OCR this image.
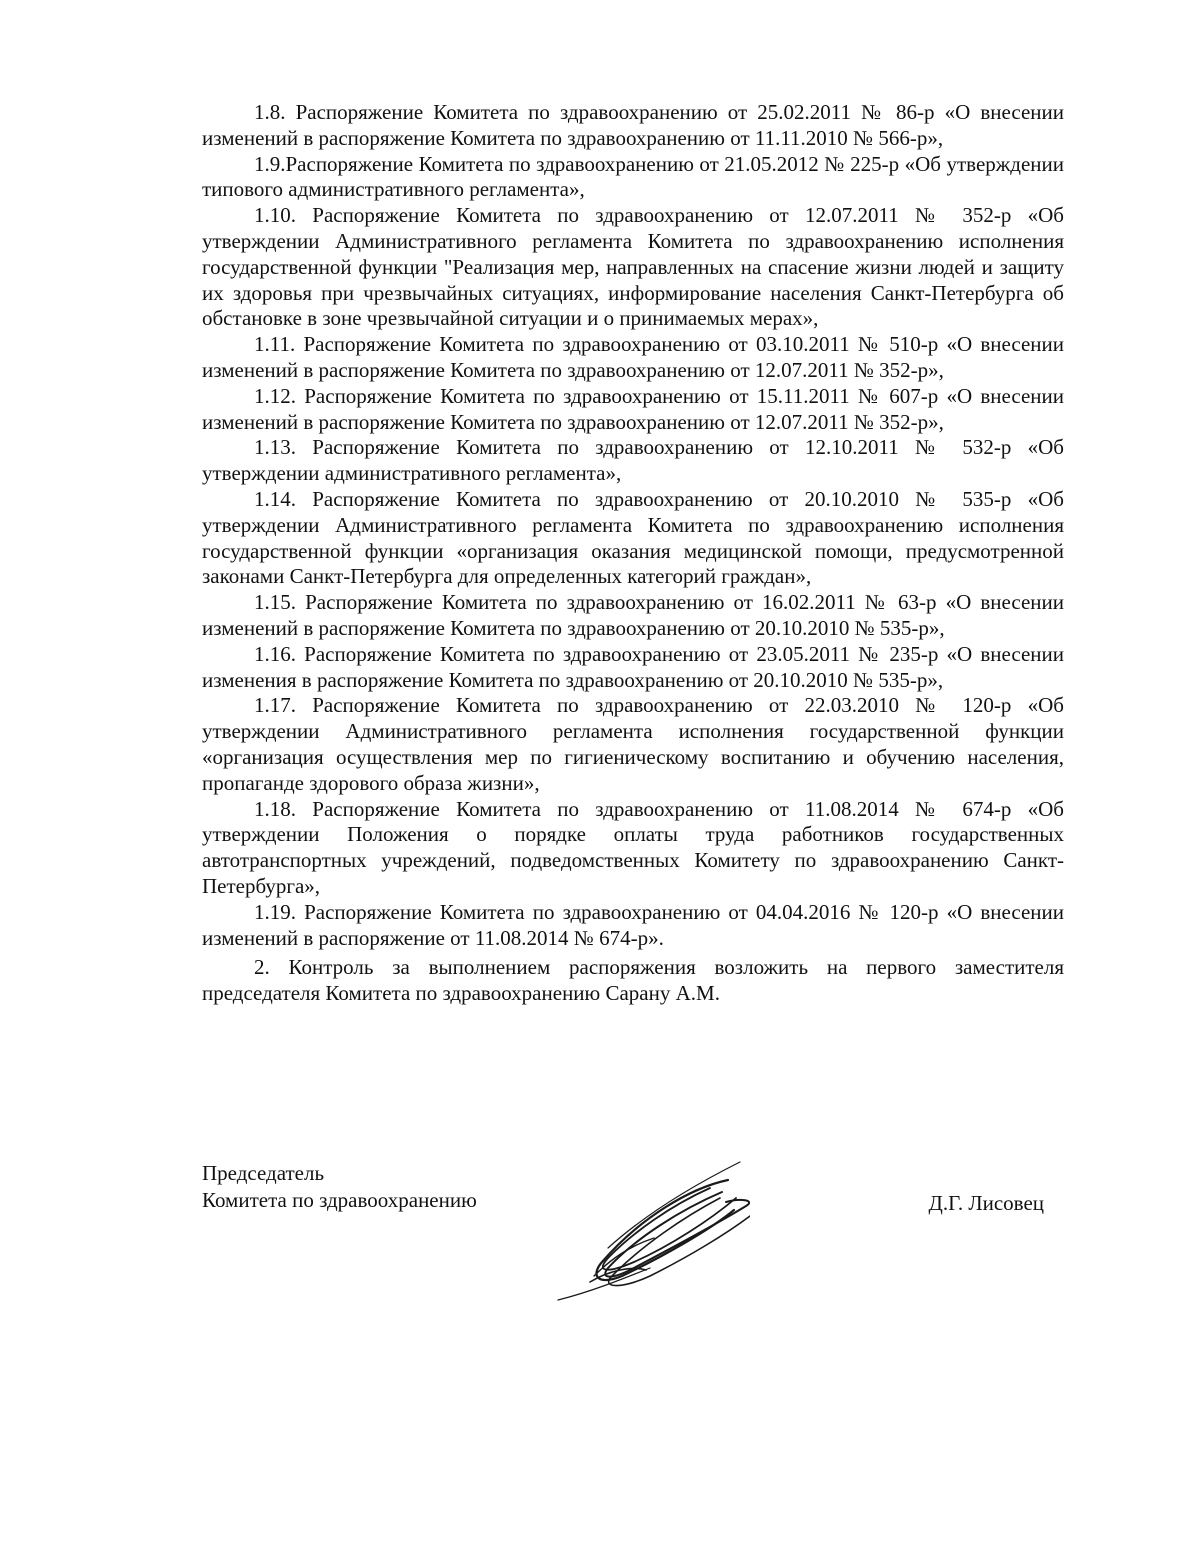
1.8. Распоряжение Комитета по здравоохранению от 25.02.2011 № 86-р «О внесении изменений в распоряжение Комитета по здравоохранению от 11.11.2010 № 566-р»,

1.9.Распоряжение Комитета по здравоохранению от 21.05.2012 № 225-р «Об утверждении типового административного регламента»,

1.10. Распоряжение Комитета по здравоохранению от 12.07.2011 № 352-р «Об утверждении Административного регламента Комитета по здравоохранению исполнения государственной функции "Реализация мер, направленных на спасение жизни людей и защиту их здоровья при чрезвычайных ситуациях, информирование населения Санкт-Петербурга об обстановке в зоне чрезвычайной ситуации и о принимаемых мерах»,

1.11. Распоряжение Комитета по здравоохранению от 03.10.2011 № 510-р «О внесении изменений в распоряжение Комитета по здравоохранению от 12.07.2011 № 352-р»,

1.12. Распоряжение Комитета по здравоохранению от 15.11.2011 № 607-р «О внесении изменений в распоряжение Комитета по здравоохранению от 12.07.2011 № 352-р»,

1.13. Распоряжение Комитета по здравоохранению от 12.10.2011 № 532-р «Об утверждении административного регламента»,

1.14. Распоряжение Комитета по здравоохранению от 20.10.2010 № 535-р «Об утверждении Административного регламента Комитета по здравоохранению исполнения государственной функции «организация оказания медицинской помощи, предусмотренной законами Санкт-Петербурга для определенных категорий граждан»,

1.15. Распоряжение Комитета по здравоохранению от 16.02.2011 № 63-р «О внесении изменений в распоряжение Комитета по здравоохранению от 20.10.2010 № 535-р»,

1.16. Распоряжение Комитета по здравоохранению от 23.05.2011 № 235-р «О внесении изменения в распоряжение Комитета по здравоохранению от 20.10.2010 № 535-р»,

1.17. Распоряжение Комитета по здравоохранению от 22.03.2010 № 120-р «Об утверждении Административного регламента исполнения государственной функции «организация осуществления мер по гигиеническому воспитанию и обучению населения, пропаганде здорового образа жизни»,

1.18. Распоряжение Комитета по здравоохранению от 11.08.2014 № 674-р «Об утверждении Положения о порядке оплаты труда работников государственных автотранспортных учреждений, подведомственных Комитету по здравоохранению Санкт-Петербурга»,

1.19. Распоряжение Комитета по здравоохранению от 04.04.2016 № 120-р «О внесении изменений в распоряжение от 11.08.2014 № 674-р».

2. Контроль за выполнением распоряжения возложить на первого заместителя председателя Комитета по здравоохранению Сарану А.М.

Председатель
Комитета по здравоохранению	Д.Г. Лисовец
